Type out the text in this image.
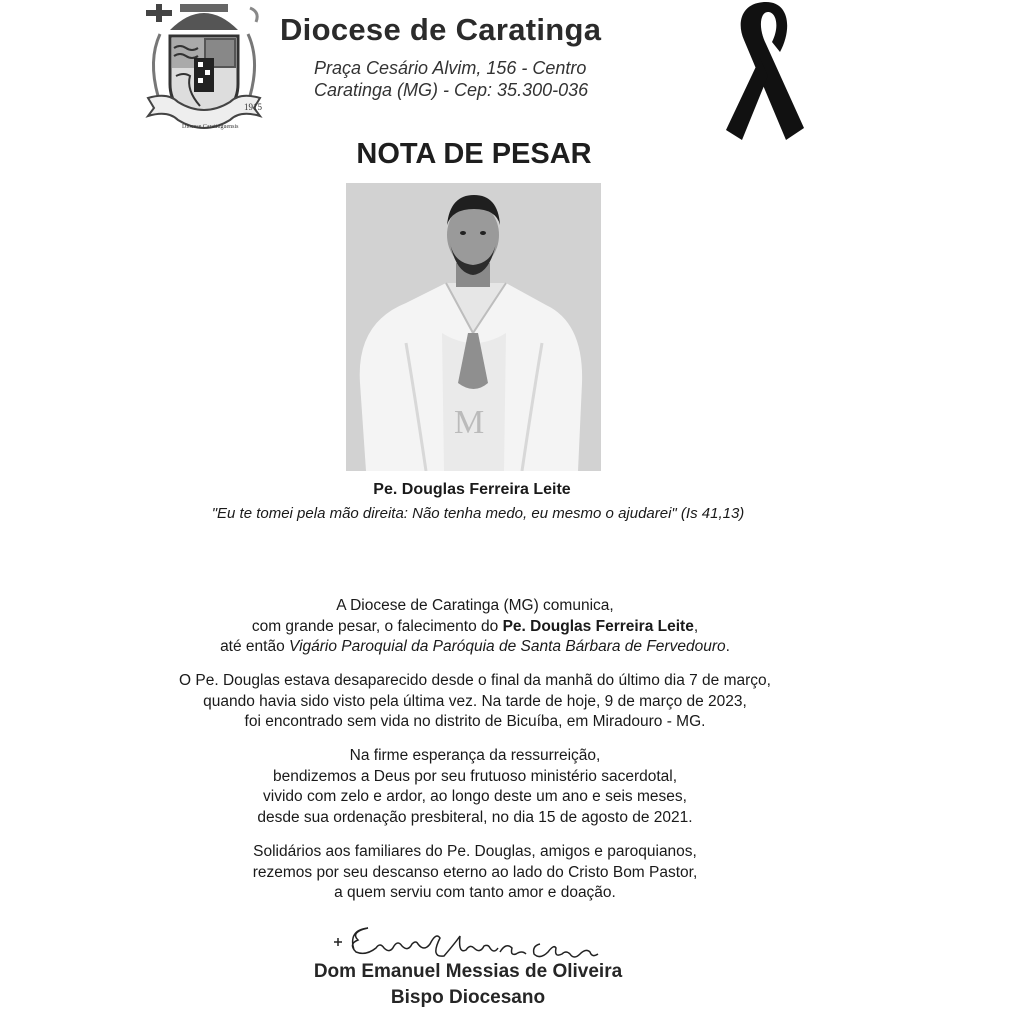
1915
Diocese Caratinguensis
Diocese de Caratinga
Praça Cesário Alvim, 156 - Centro
Caratinga (MG) - Cep: 35.300-036
NOTA DE PESAR
M
Pe. Douglas Ferreira Leite
"Eu te tomei pela mão direita: Não tenha medo, eu mesmo o ajudarei" (Is 41,13)
A Diocese de Caratinga (MG) comunica,
com grande pesar, o falecimento do Pe. Douglas Ferreira Leite,
até então Vigário Paroquial da Paróquia de Santa Bárbara de Fervedouro.
O Pe. Douglas estava desaparecido desde o final da manhã do último dia 7 de março,
quando havia sido visto pela última vez. Na tarde de hoje, 9 de março de 2023,
foi encontrado sem vida no distrito de Bicuíba, em Miradouro - MG.
Na firme esperança da ressurreição,
bendizemos a Deus por seu frutuoso ministério sacerdotal,
vivido com zelo e ardor, ao longo deste um ano e seis meses,
desde sua ordenação presbiteral, no dia 15 de agosto de 2021.
Solidários aos familiares do Pe. Douglas, amigos e paroquianos,
rezemos por seu descanso eterno ao lado do Cristo Bom Pastor,
a quem serviu com tanto amor e doação.
Dom Emanuel Messias de Oliveira
Bispo Diocesano
